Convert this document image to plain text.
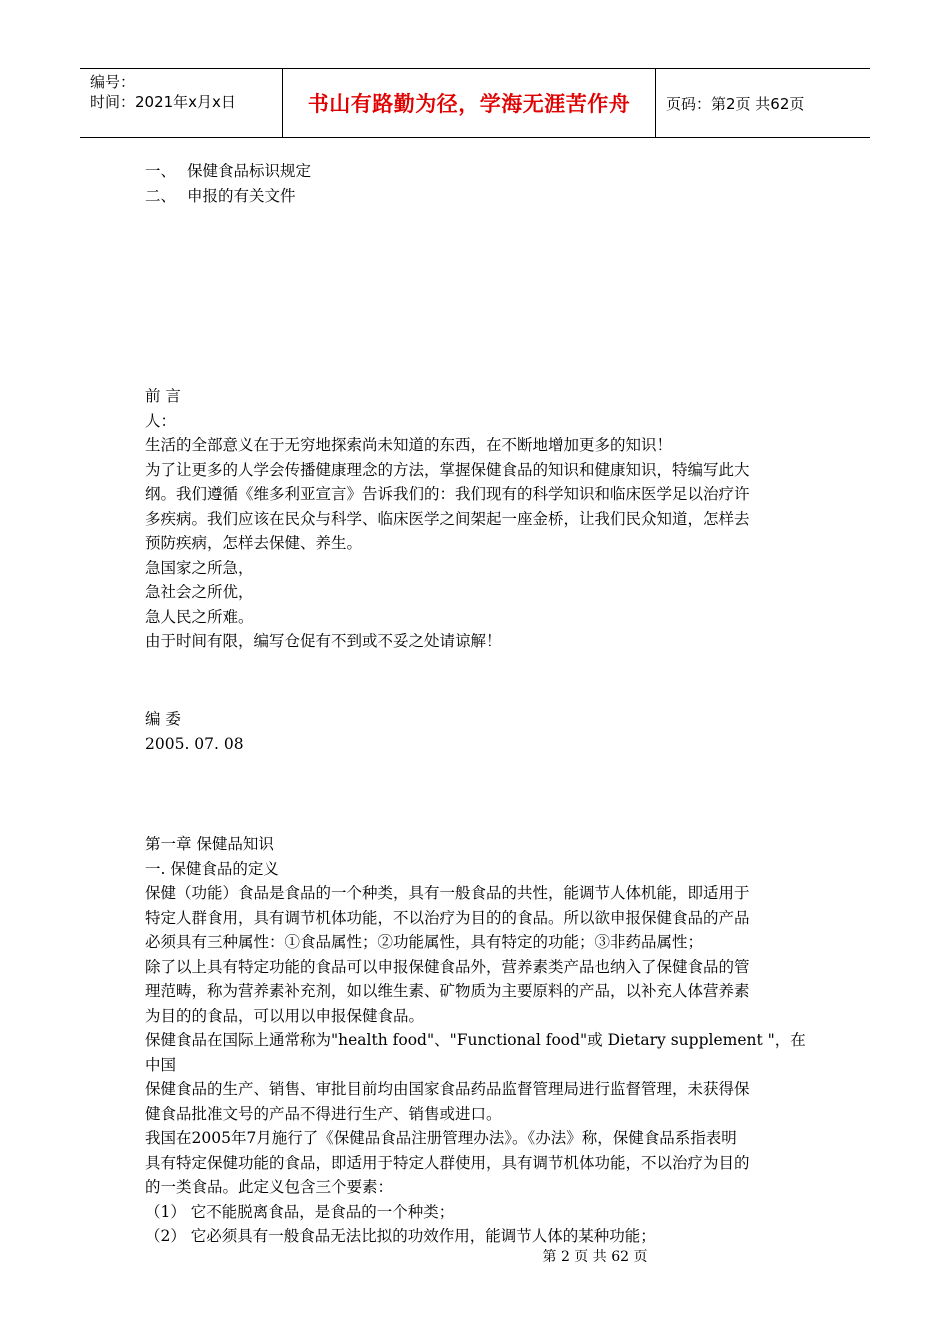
编号：
时间：2021年x月x日	书山有路勤为径，学海无涯苦作舟	页码：第2页 共62页

一、 保健食品标识规定

二、 申报的有关文件

前 言

人：

生活的全部意义在于无穷地探索尚未知道的东西，在不断地增加更多的知识！

为了让更多的人学会传播健康理念的方法，掌握保健食品的知识和健康知识，特编写此大

纲。我们遵循《维多利亚宣言》告诉我们的：我们现有的科学知识和临床医学足以治疗许

多疾病。我们应该在民众与科学、临床医学之间架起一座金桥，让我们民众知道，怎样去

预防疾病，怎样去保健、养生。

急国家之所急，

急社会之所优，

急人民之所难。

由于时间有限，编写仓促有不到或不妥之处请谅解！

编 委

2005. 07. 08

第一章 保健品知识

一. 保健食品的定义

保健（功能）食品是食品的一个种类，具有一般食品的共性，能调节人体机能，即适用于

特定人群食用，具有调节机体功能，不以治疗为目的的食品。所以欲申报保健食品的产品

必须具有三种属性：①食品属性；②功能属性，具有特定的功能；③非药品属性；

除了以上具有特定功能的食品可以申报保健食品外，营养素类产品也纳入了保健食品的管

理范畴，称为营养素补充剂，如以维生素、矿物质为主要原料的产品，以补充人体营养素

为目的的食品，可以用以申报保健食品。

保健食品在国际上通常称为"health food"、"Functional food"或 Dietary supplement "，在中国

保健食品的生产、销售、审批目前均由国家食品药品监督管理局进行监督管理，未获得保

健食品批准文号的产品不得进行生产、销售或进口。

我国在2005年7月施行了《保健品食品注册管理办法》。《办法》称，保健食品系指表明

具有特定保健功能的食品，即适用于特定人群使用，具有调节机体功能，不以治疗为目的

的一类食品。此定义包含三个要素：

（1） 它不能脱离食品，是食品的一个种类；

（2） 它必须具有一般食品无法比拟的功效作用，能调节人体的某种功能；

第 2 页 共 62 页
